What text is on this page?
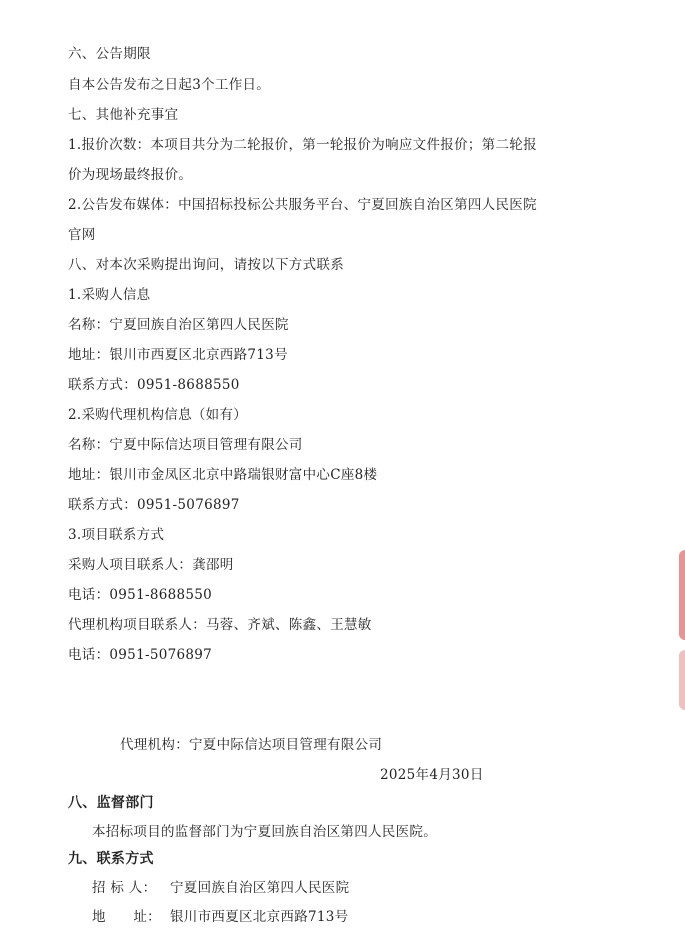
六、公告期限
自本公告发布之日起3个工作日。
七、其他补充事宜
1.报价次数：本项目共分为二轮报价，第一轮报价为响应文件报价；第二轮报
价为现场最终报价。
2.公告发布媒体：中国招标投标公共服务平台、宁夏回族自治区第四人民医院
官网
八、对本次采购提出询问，请按以下方式联系
1.采购人信息
名称：宁夏回族自治区第四人民医院
地址：银川市西夏区北京西路713号
联系方式：0951-8688550
2.采购代理机构信息（如有）
名称：宁夏中际信达项目管理有限公司
地址：银川市金凤区北京中路瑞银财富中心C座8楼
联系方式：0951-5076897
3.项目联系方式
采购人项目联系人：龚邵明
电话：0951-8688550
代理机构项目联系人：马蓉、齐斌、陈鑫、王慧敏
电话：0951-5076897
代理机构：宁夏中际信达项目管理有限公司
2025年4月30日
八、监督部门
本招标项目的监督部门为宁夏回族自治区第四人民医院。
九、联系方式
招 标 人： 宁夏回族自治区第四人民医院
地      址： 银川市西夏区北京西路713号
